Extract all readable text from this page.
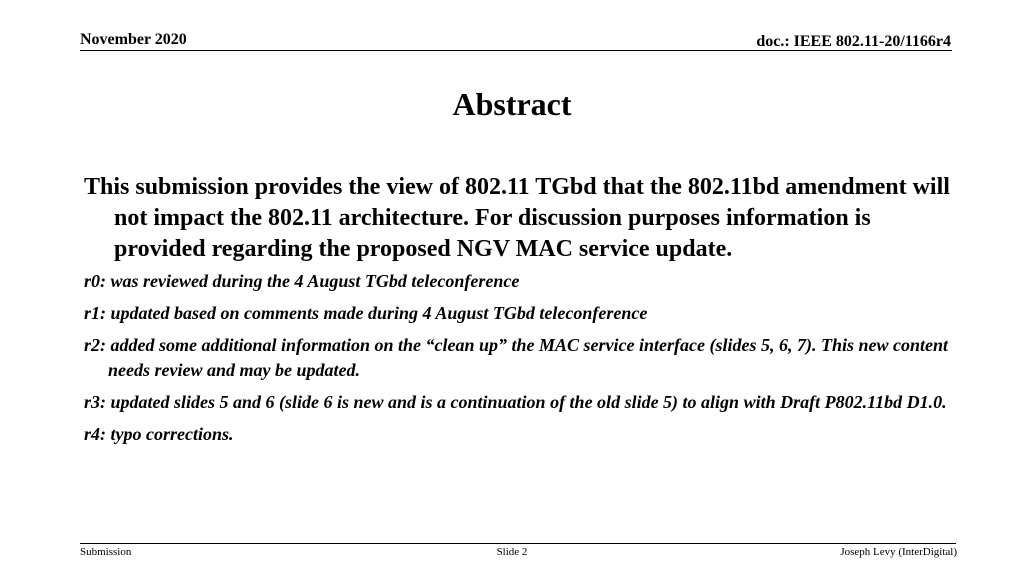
November 2020	doc.: IEEE 802.11-20/1166r4
Abstract

This submission provides the view of 802.11 TGbd that the 802.11bd amendment will not impact the 802.11 architecture. For discussion purposes information is provided regarding the proposed NGV MAC service update.

r0: was reviewed during the 4 August TGbd teleconference

r1: updated based on comments made during 4 August TGbd teleconference

r2: added some additional information on the “clean up” the MAC service interface (slides 5, 6, 7). This new content needs review and may be updated.

r3: updated slides 5 and 6 (slide 6 is new and is a continuation of the old slide 5) to align with Draft P802.11bd D1.0.

r4: typo corrections.

Submission	Slide 2	Joseph Levy (InterDigital)
